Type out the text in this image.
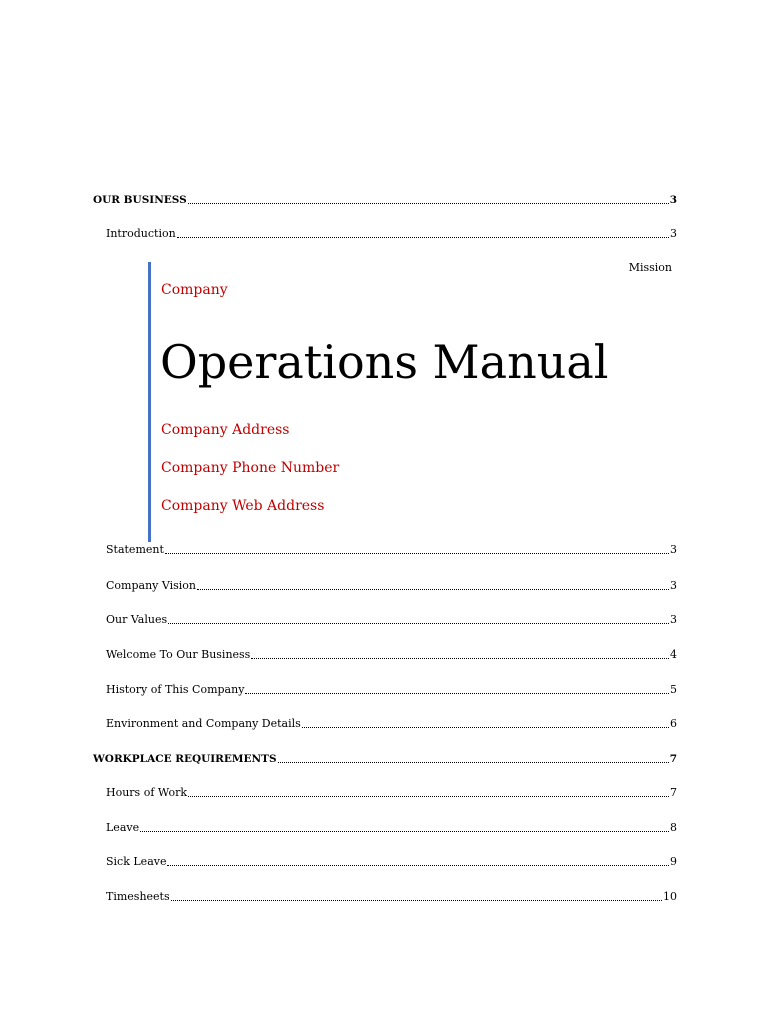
OUR BUSINESS	3
Introduction	3
Mission
Company
Operations Manual
Company Address
Company Phone Number
Company Web Address
Statement	3
Company Vision	3
Our Values	3
Welcome To Our Business	4
History of This Company	5
Environment and Company Details	6
WORKPLACE REQUIREMENTS	7
Hours of Work	7
Leave	8
Sick Leave	9
Timesheets	10
